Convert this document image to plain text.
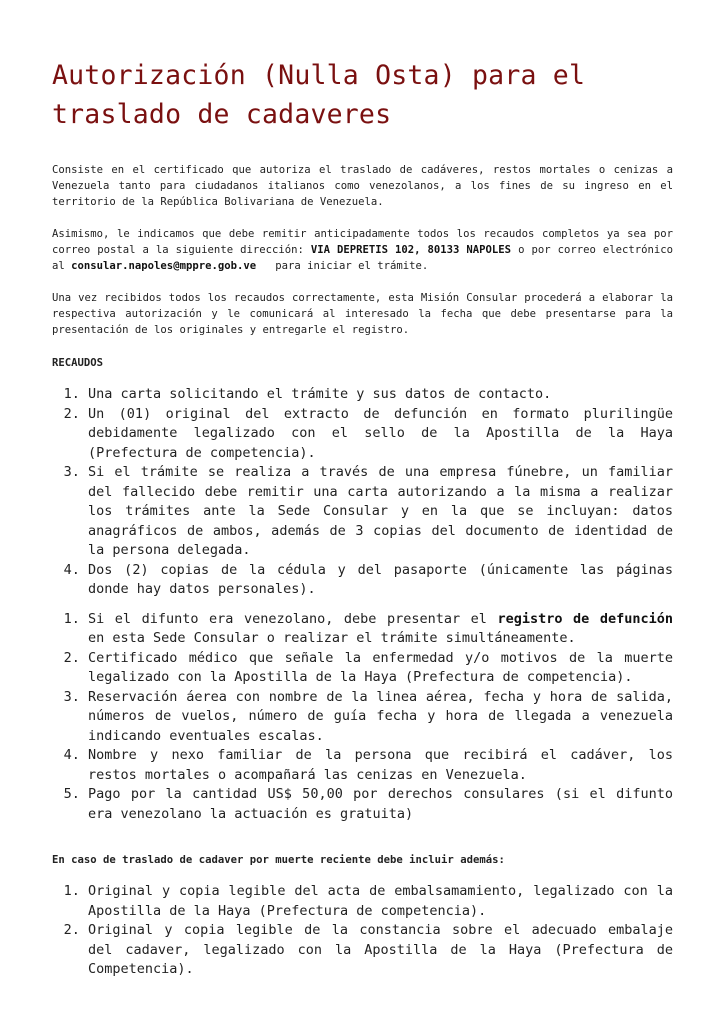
Autorización (Nulla Osta) para el traslado de cadaveres

Consiste en el certificado que autoriza el traslado de cadáveres, restos mortales o cenizas a Venezuela tanto para ciudadanos italianos como venezolanos, a los fines de su ingreso en el territorio de la República Bolivariana de Venezuela.

Asimismo, le indicamos que debe remitir anticipadamente todos los recaudos completos ya sea por correo postal a la siguiente dirección: VIA DEPRETIS 102, 80133 NAPOLES o por correo electrónico al consular.napoles@mppre.gob.ve   para iniciar el trámite.

Una vez recibidos todos los recaudos correctamente, esta Misión Consular procederá a elaborar la respectiva autorización y le comunicará al interesado la fecha que debe presentarse para la presentación de los originales y entregarle el registro.

RECAUDOS
1. Una carta solicitando el trámite y sus datos de contacto.
2. Un (01) original del extracto de defunción en formato plurilingüe debidamente legalizado con el sello de la Apostilla de la Haya (Prefectura de competencia).
3. Si el trámite se realiza a través de una empresa fúnebre, un familiar del fallecido debe remitir una carta autorizando a la misma a realizar los trámites ante la Sede Consular y en la que se incluyan: datos anagráficos de ambos, además de 3 copias del documento de identidad de la persona delegada.
4. Dos (2) copias de la cédula y del pasaporte (únicamente las páginas donde hay datos personales).
1. Si el difunto era venezolano, debe presentar el registro de defunción en esta Sede Consular o realizar el trámite simultáneamente.
2. Certificado médico que señale la enfermedad y/o motivos de la muerte legalizado con la Apostilla de la Haya (Prefectura de competencia).
3. Reservación áerea con nombre de la linea aérea, fecha y hora de salida, números de vuelos, número de guía fecha y hora de llegada a venezuela indicando eventuales escalas.
4. Nombre y nexo familiar de la persona que recibirá el cadáver, los restos mortales o acompañará las cenizas en Venezuela.
5. Pago por la cantidad US$ 50,00 por derechos consulares (si el difunto era venezolano la actuación es gratuita)
En caso de traslado de cadaver por muerte reciente debe incluir además:
1. Original y copia legible del acta de embalsamamiento, legalizado con la Apostilla de la Haya (Prefectura de competencia).
2. Original y copia legible de la constancia sobre el adecuado embalaje del cadaver, legalizado con la Apostilla de la Haya (Prefectura de Competencia).
